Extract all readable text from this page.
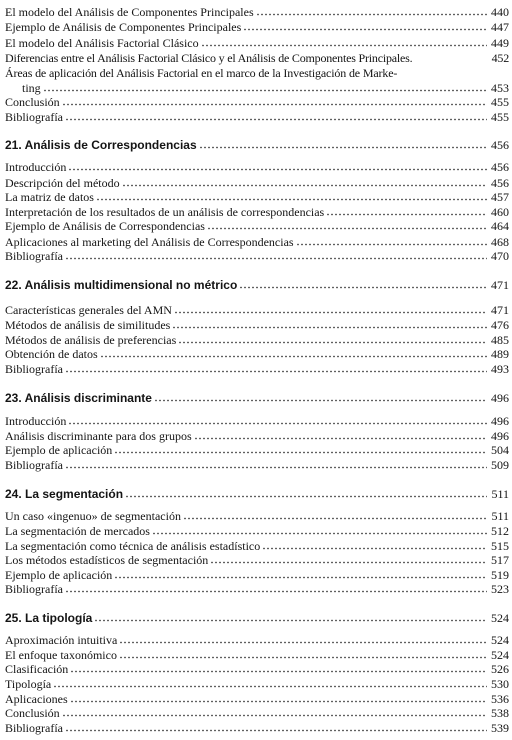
El modelo del Análisis de Componentes Principales	440
Ejemplo de Análisis de Componentes Principales	447
El modelo del Análisis Factorial Clásico	449
Diferencias entre el Análisis Factorial Clásico y el Análisis de Componentes Principales.	452
Áreas de aplicación del Análisis Factorial en el marco de la Investigación de Marke-
ting	453
Conclusión	455
Bibliografía	455
21. Análisis de Correspondencias	456
Introducción	456
Descripción del método	456
La matriz de datos	457
Interpretación de los resultados de un análisis de correspondencias	460
Ejemplo de Análisis de Correspondencias	464
Aplicaciones al marketing del Análisis de Correspondencias	468
Bibliografía	470
22. Análisis multidimensional no métrico	471
Características generales del AMN	471
Métodos de análisis de similitudes	476
Métodos de análisis de preferencias	485
Obtención de datos	489
Bibliografía	493
23. Análisis discriminante	496
Introducción	496
Análisis discriminante para dos grupos	496
Ejemplo de aplicación	504
Bibliografía	509
24. La segmentación	511
Un caso «ingenuo» de segmentación	511
La segmentación de mercados	512
La segmentación como técnica de análisis estadístico	515
Los métodos estadísticos de segmentación	517
Ejemplo de aplicación	519
Bibliografía	523
25. La tipología	524
Aproximación intuitiva	524
El enfoque taxonómico	524
Clasificación	526
Tipología	530
Aplicaciones	536
Conclusión	538
Bibliografía	539
